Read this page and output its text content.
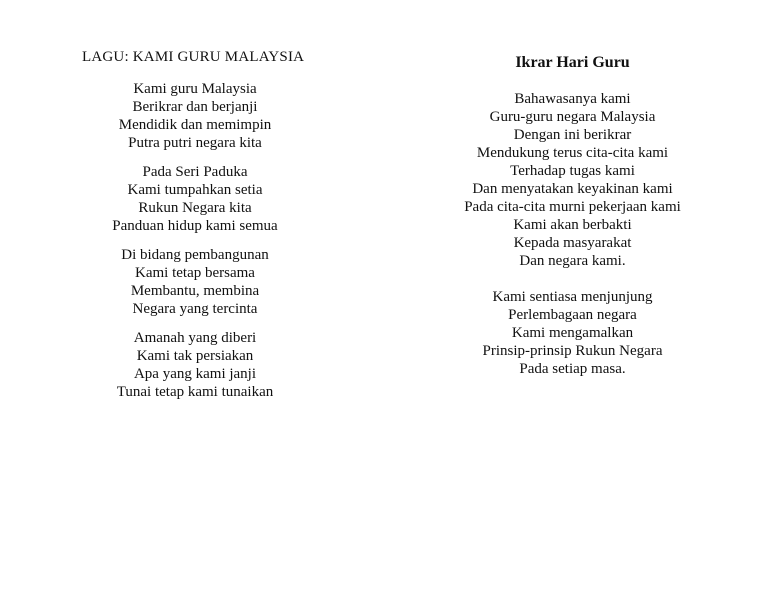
LAGU: KAMI GURU MALAYSIA
Kami guru Malaysia
Berikrar dan berjanji
Mendidik dan memimpin
Putra putri negara kita
Pada Seri Paduka
Kami tumpahkan setia
Rukun Negara kita
Panduan hidup kami semua
Di bidang pembangunan
Kami tetap bersama
Membantu, membina
Negara yang tercinta
Amanah yang diberi
Kami tak persiakan
Apa yang kami janji
Tunai tetap kami tunaikan
Ikrar Hari Guru
Bahawasanya kami
Guru-guru negara Malaysia
Dengan ini berikrar
Mendukung terus cita-cita kami
Terhadap tugas kami
Dan menyatakan keyakinan kami
Pada cita-cita murni pekerjaan kami
Kami akan berbakti
Kepada masyarakat
Dan negara kami.
Kami sentiasa menjunjung
Perlembagaan negara
Kami mengamalkan
Prinsip-prinsip Rukun Negara
Pada setiap masa.
